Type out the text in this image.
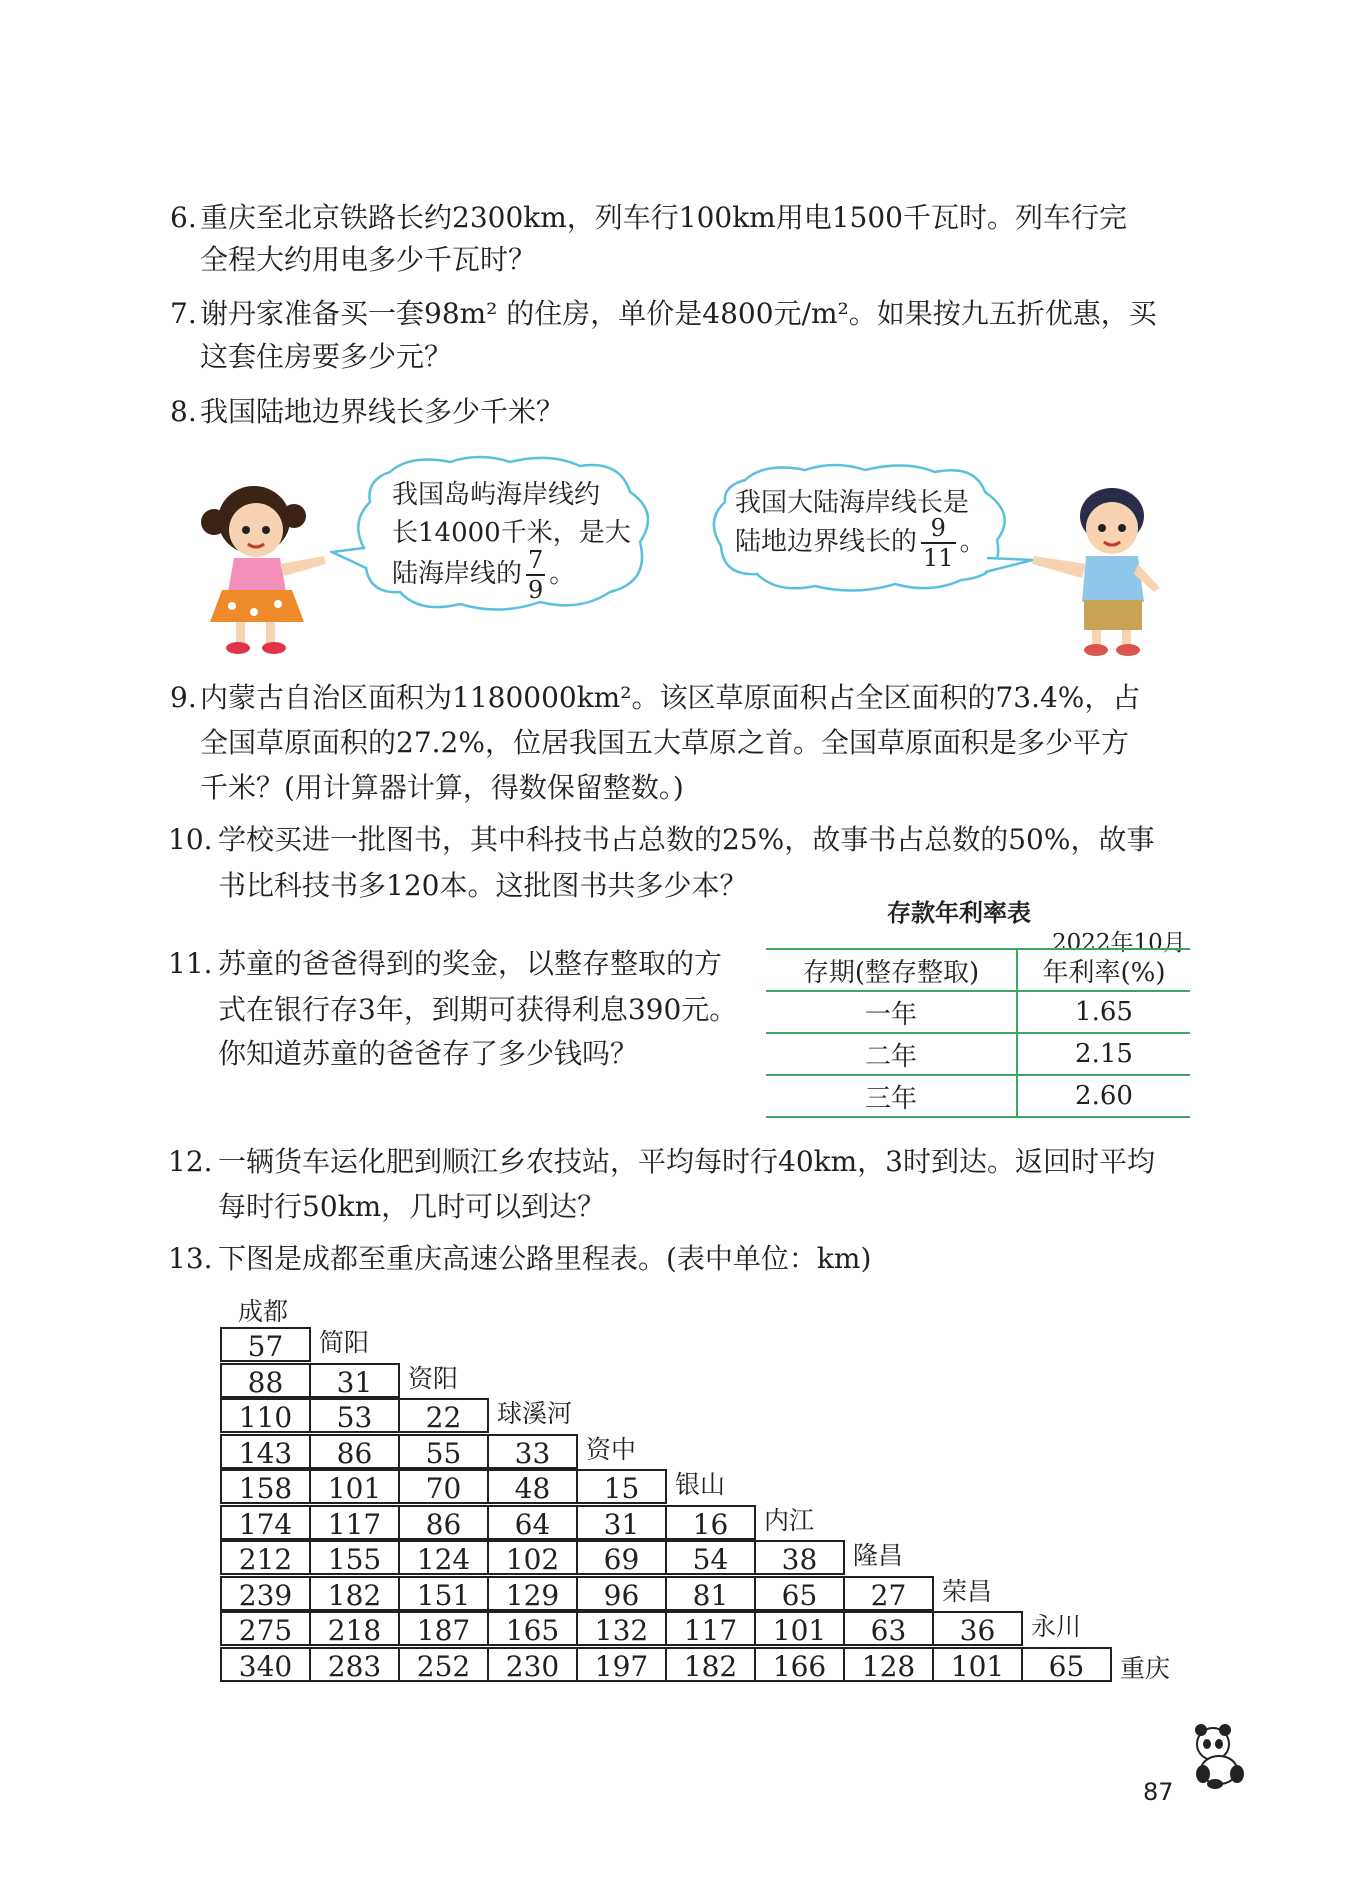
6. 重庆至北京铁路长约2300km，列车行100km用电1500千瓦时。列车行完
全程大约用电多少千瓦时？
7. 谢丹家准备买一套98m² 的住房，单价是4800元/m²。如果按九五折优惠，买
这套住房要多少元？
8. 我国陆地边界线长多少千米？
我国岛屿海岸线约
长14000千米，是大
陆海岸线的 $\frac{7}{9}$ 。
我国大陆海岸线长是
陆地边界线长的 $\frac{9}{11}$ 。
9. 内蒙古自治区面积为1180000km²。该区草原面积占全区面积的73.4%，占
全国草原面积的27.2%，位居我国五大草原之首。全国草原面积是多少平方
千米？(用计算器计算，得数保留整数。)
10. 学校买进一批图书，其中科技书占总数的25%，故事书占总数的50%，故事
书比科技书多120本。这批图书共多少本？
11. 苏童的爸爸得到的奖金，以整存整取的方
式在银行存3年，到期可获得利息390元。
你知道苏童的爸爸存了多少钱吗？
存款年利率表
2022年10月
存期(整存整取)	年利率(%)
一年	1.65
二年	2.15
三年	2.60
12. 一辆货车运化肥到顺江乡农技站，平均每时行40km，3时到达。返回时平均
每时行50km，几时可以到达？
13. 下图是成都至重庆高速公路里程表。(表中单位：km)
成都
57	简阳
88	31	资阳
110	53	22	球溪河
143	86	55	33	资中
158	101	70	48	15	银山
174	117	86	64	31	16	内江
212	155	124	102	69	54	38	隆昌
239	182	151	129	96	81	65	27	荣昌
275	218	187	165	132	117	101	63	36	永川
340	283	252	230	197	182	166	128	101	65	重庆
87
